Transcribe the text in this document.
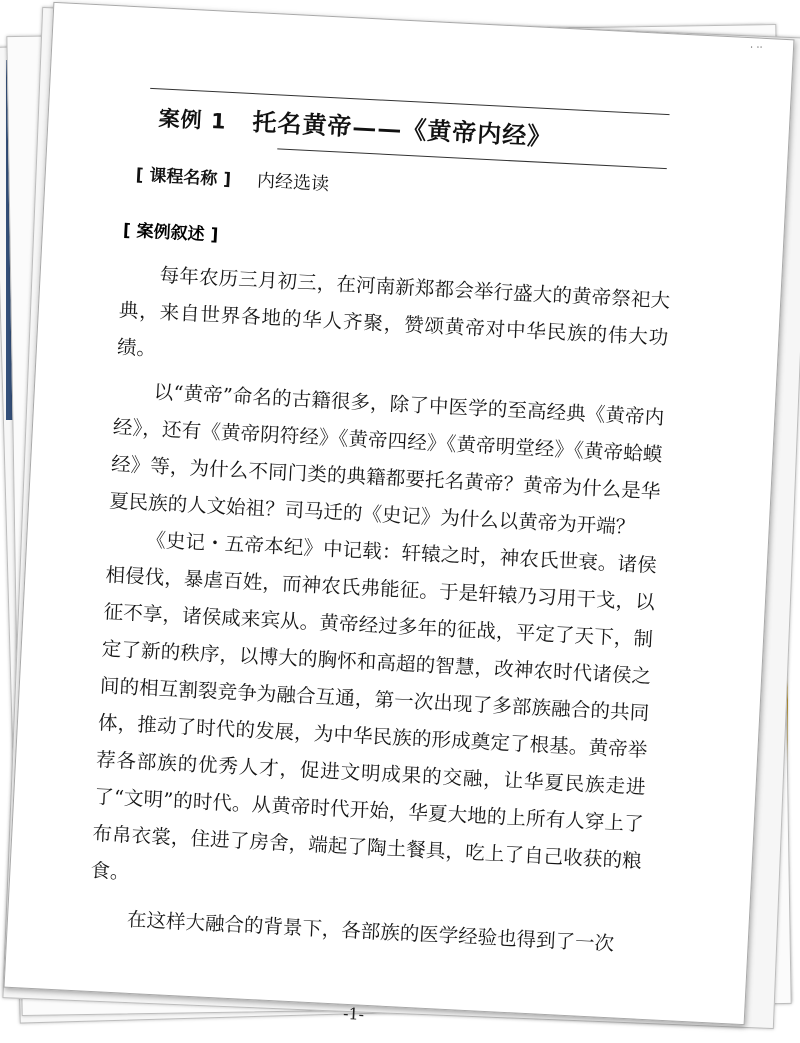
· ··
案例 1 托名黄帝——《黄帝内经》
[ 课程名称 ] 内经选读
[ 案例叙述 ]

每年农历三月初三，在河南新郑都会举行盛大的黄帝祭祀大典，来自世界各地的华人齐聚，赞颂黄帝对中华民族的伟大功绩。

以“黄帝”命名的古籍很多，除了中医学的至高经典《黄帝内经》，还有《黄帝阴符经》《黄帝四经》《黄帝明堂经》《黄帝蛤蟆经》等，为什么不同门类的典籍都要托名黄帝？黄帝为什么是华夏民族的人文始祖？司马迁的《史记》为什么以黄帝为开端？

《史记・五帝本纪》中记载：轩辕之时，神农氏世衰。诸侯相侵伐，暴虐百姓，而神农氏弗能征。于是轩辕乃习用干戈，以征不享，诸侯咸来宾从。黄帝经过多年的征战，平定了天下，制定了新的秩序，以博大的胸怀和高超的智慧，改神农时代诸侯之间的相互割裂竞争为融合互通，第一次出现了多部族融合的共同体，推动了时代的发展，为中华民族的形成奠定了根基。黄帝举荐各部族的优秀人才，促进文明成果的交融，让华夏民族走进了“文明”的时代。从黄帝时代开始，华夏大地的上所有人穿上了布帛衣裳，住进了房舍，端起了陶土餐具，吃上了自己收获的粮食。

在这样大融合的背景下，各部族的医学经验也得到了一次

-1-
